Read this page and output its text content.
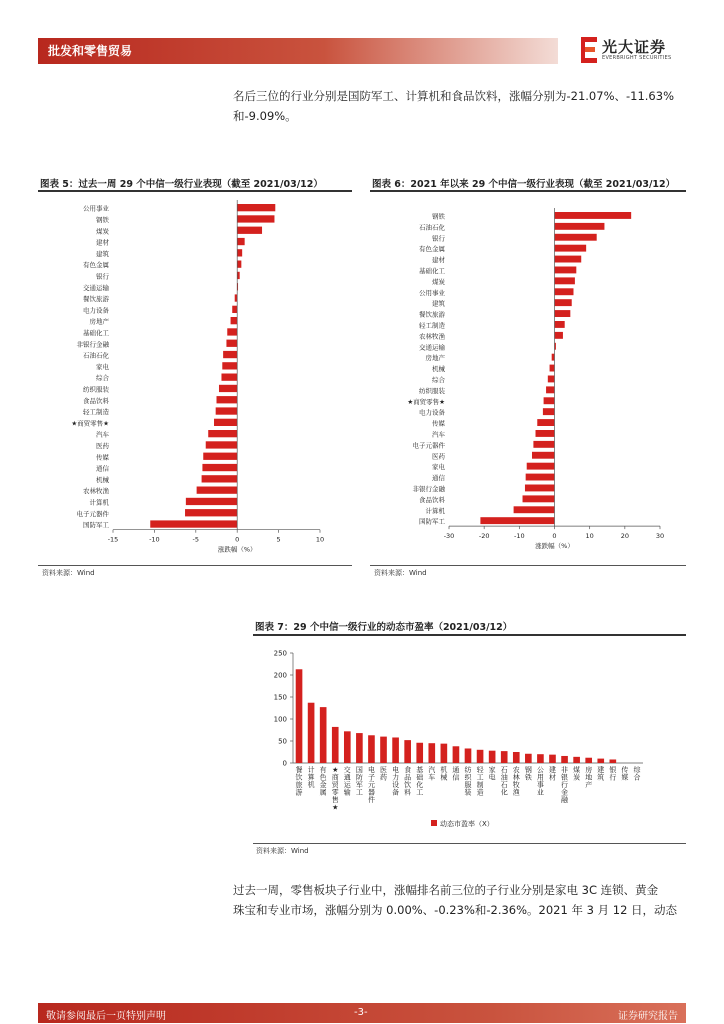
批发和零售贸易	光大证券
EVERBRIGHT SECURITIES
名后三位的行业分别是国防军工、计算机和食品饮料，涨幅分别为-21.07%、-11.63%
和-9.09%。
图表 5：过去一周 29 个中信一级行业表现（截至 2021/03/12）
公用事业
钢铁
煤炭
建材
建筑
有色金属
银行
交通运输
餐饮旅游
电力设备
房地产
基础化工
非银行金融
石油石化
家电
综合
纺织服装
食品饮料
轻工制造
★商贸零售★
汽车
医药
传媒
通信
机械
农林牧渔
计算机
电子元器件
国防军工
-15	-10	-5	0	5	10
涨跌幅（%）
资料来源：Wind
图表 6：2021 年以来 29 个中信一级行业表现（截至 2021/03/12）
钢铁
石油石化
银行
有色金属
建材
基础化工
煤炭
公用事业
建筑
餐饮旅游
轻工制造
农林牧渔
交通运输
房地产
机械
综合
纺织服装
★商贸零售★
电力设备
传媒
汽车
电子元器件
医药
家电
通信
非银行金融
食品饮料
计算机
国防军工
-30	-20	-10	0	10	20	30
涨跌幅（%）
资料来源：Wind
图表 7：29 个中信一级行业的动态市盈率（2021/03/12）
0
50
100
150
200
250
餐饮旅游
计算机
有色金属
★商贸零售★
交通运输
国防军工
电子元器件
医药
电力设备
食品饮料
基础化工
汽车
机械
通信
纺织服装
轻工制造
家电
石油石化
农林牧渔
钢铁
公用事业
建材
非银行金融
煤炭
房地产
建筑
银行
传媒
综合
动态市盈率（X）
资料来源：Wind
过去一周，零售板块子行业中，涨幅排名前三位的子行业分别是家电 3C 连锁、黄金
珠宝和专业市场，涨幅分别为 0.00%、-0.23%和-2.36%。2021 年 3 月 12 日，动态
敬请参阅最后一页特别声明	-3-	证券研究报告
